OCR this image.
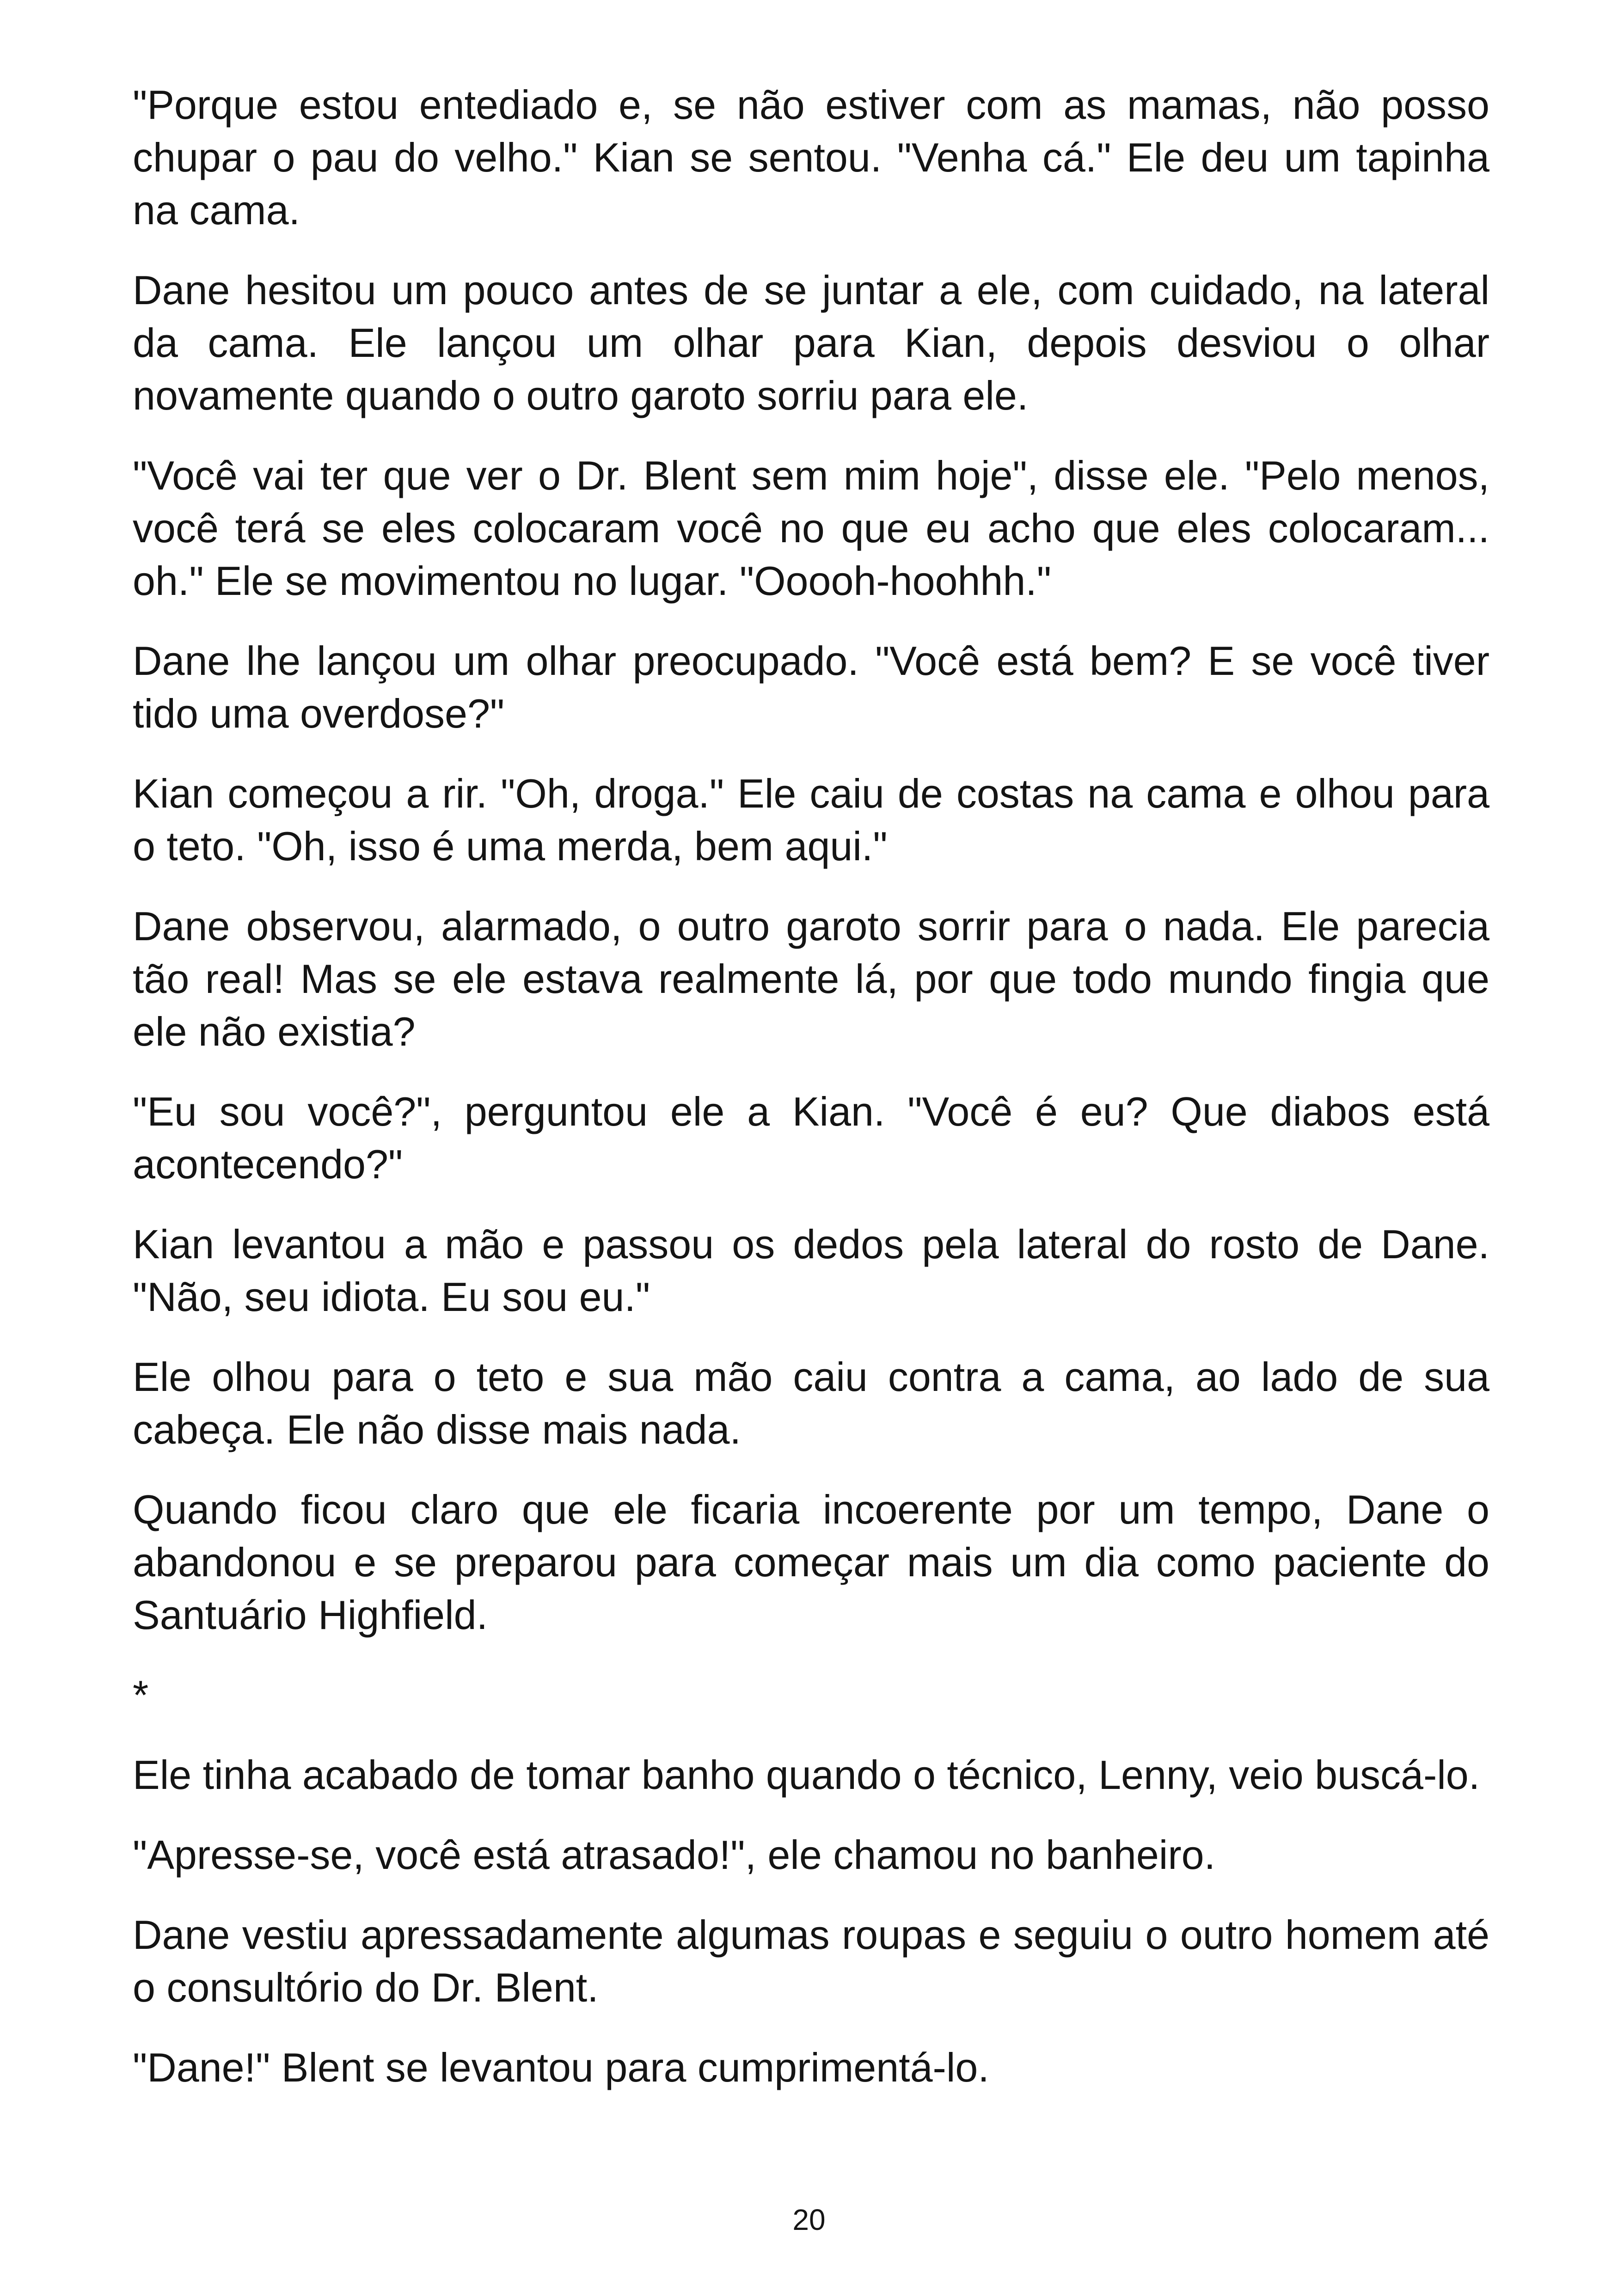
"Porque estou entediado e, se não estiver com as mamas, não posso chupar o pau do velho." Kian se sentou. "Venha cá." Ele deu um tapinha na cama.

Dane hesitou um pouco antes de se juntar a ele, com cuidado, na lateral da cama. Ele lançou um olhar para Kian, depois desviou o olhar novamente quando o outro garoto sorriu para ele.

"Você vai ter que ver o Dr. Blent sem mim hoje", disse ele. "Pelo menos, você terá se eles colocaram você no que eu acho que eles colocaram... oh." Ele se movimentou no lugar. "Ooooh-hoohhh."

Dane lhe lançou um olhar preocupado. "Você está bem? E se você tiver tido uma overdose?"

Kian começou a rir. "Oh, droga." Ele caiu de costas na cama e olhou para o teto. "Oh, isso é uma merda, bem aqui."

Dane observou, alarmado, o outro garoto sorrir para o nada. Ele parecia tão real! Mas se ele estava realmente lá, por que todo mundo fingia que ele não existia?

"Eu sou você?", perguntou ele a Kian. "Você é eu? Que diabos está acontecendo?"

Kian levantou a mão e passou os dedos pela lateral do rosto de Dane. "Não, seu idiota. Eu sou eu."

Ele olhou para o teto e sua mão caiu contra a cama, ao lado de sua cabeça. Ele não disse mais nada.

Quando ficou claro que ele ficaria incoerente por um tempo, Dane o abandonou e se preparou para começar mais um dia como paciente do Santuário Highfield.

*

Ele tinha acabado de tomar banho quando o técnico, Lenny, veio buscá-lo.

"Apresse-se, você está atrasado!", ele chamou no banheiro.

Dane vestiu apressadamente algumas roupas e seguiu o outro homem até o consultório do Dr. Blent.

"Dane!" Blent se levantou para cumprimentá-lo.

20
